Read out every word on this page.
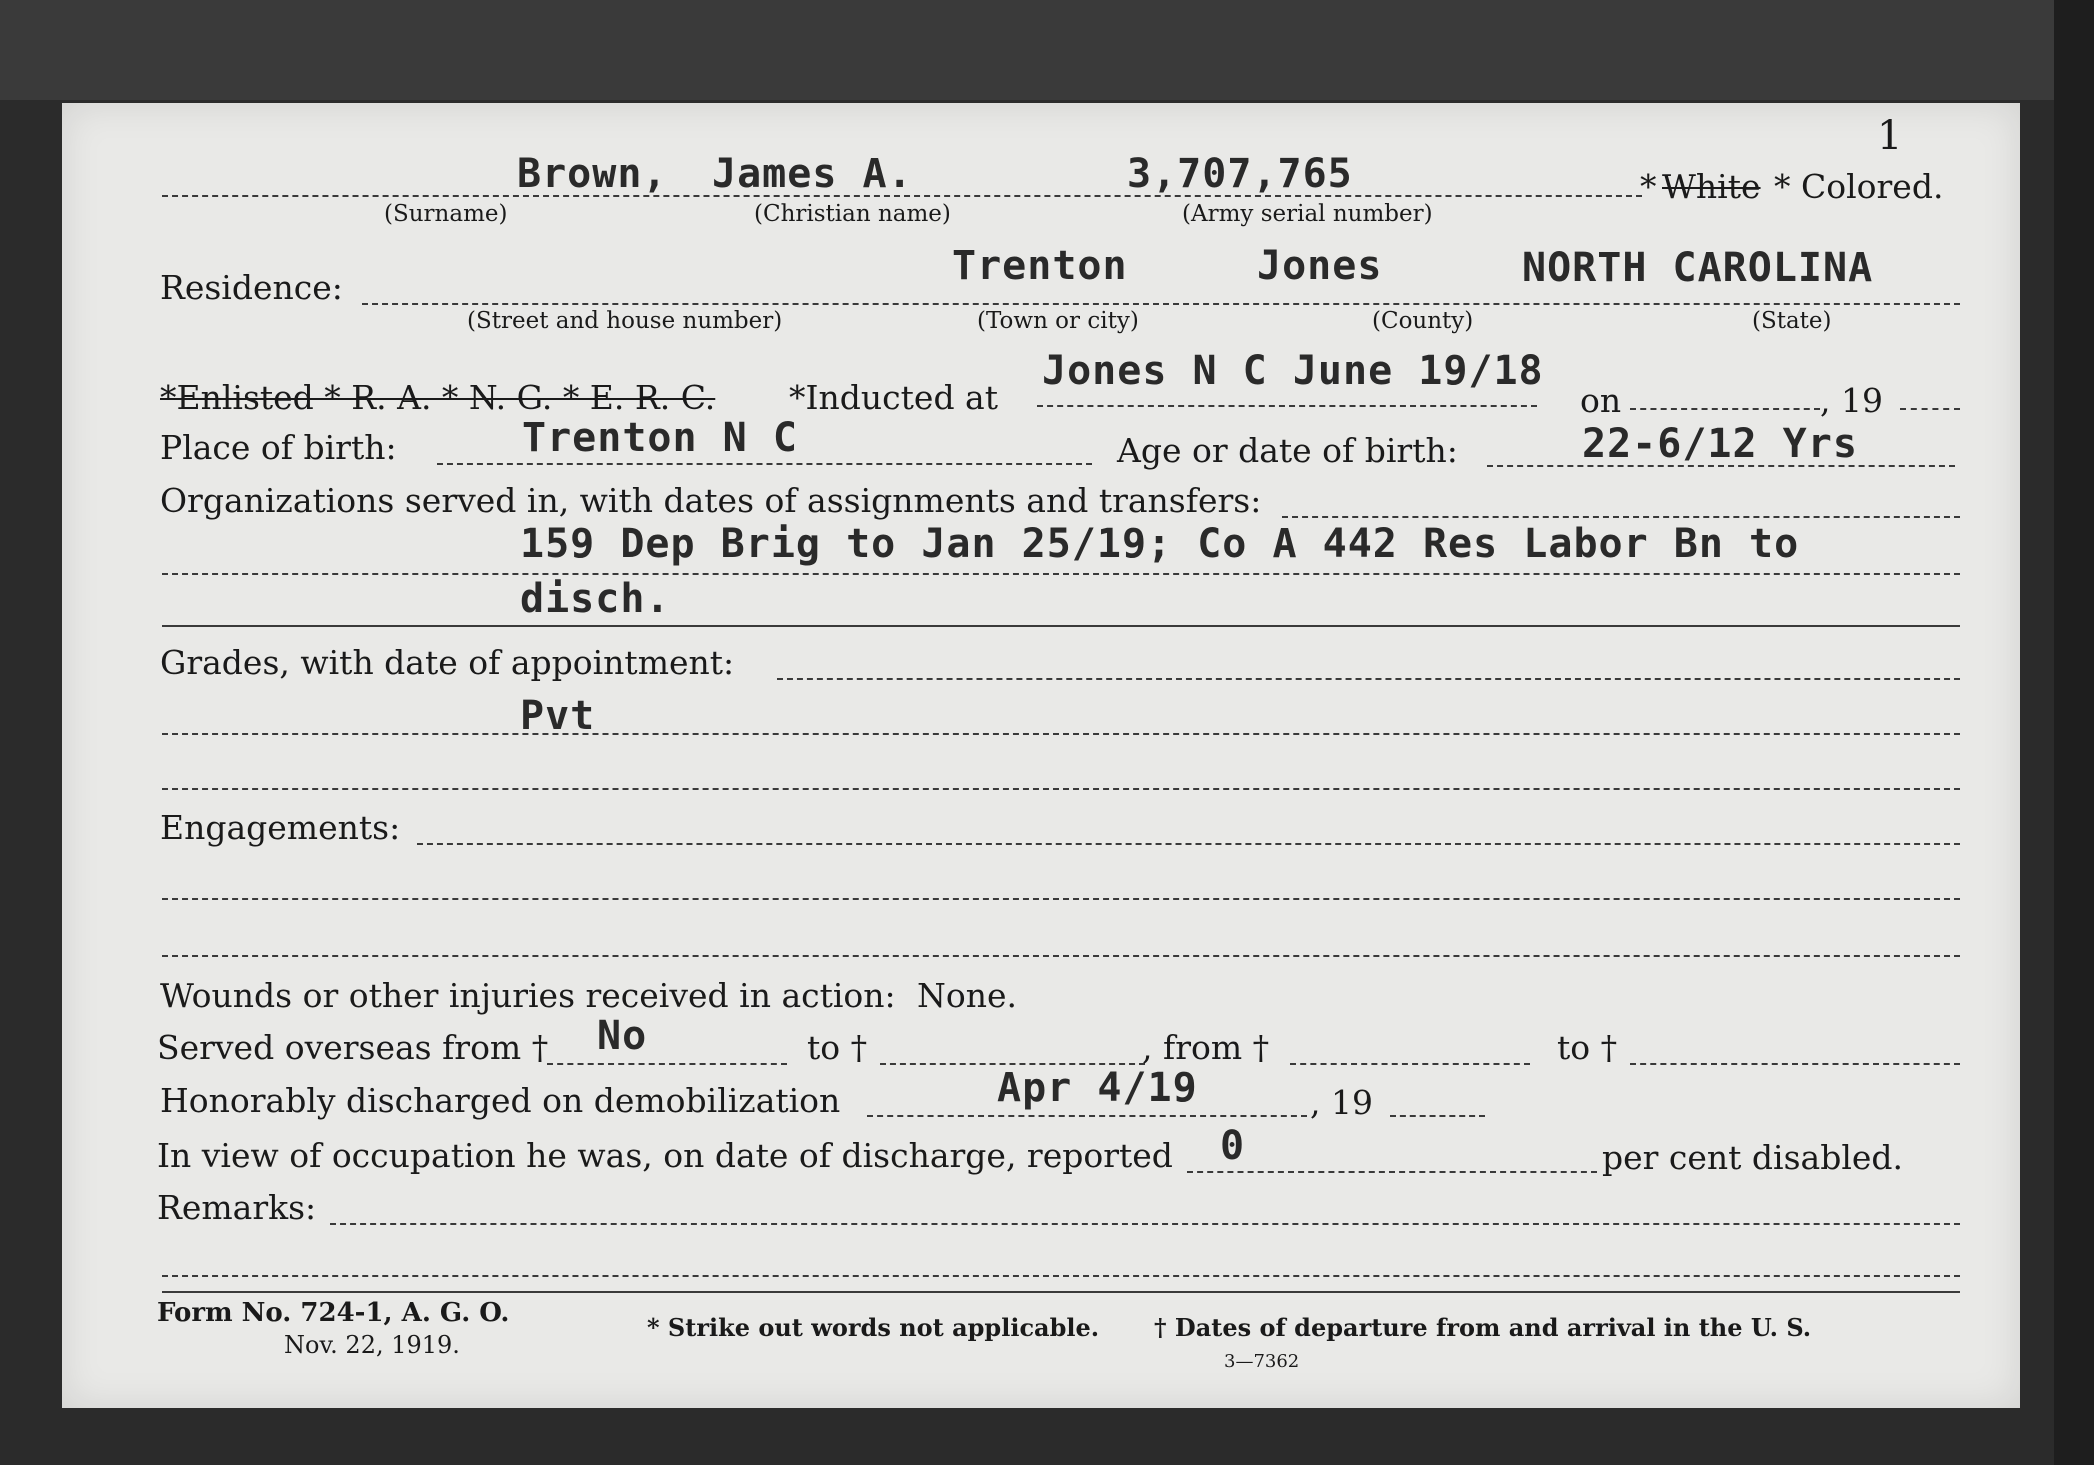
1
Brown, James A.	3,707,765	* White * Colored.
(Surname)	(Christian name)	(Army serial number)
Residence:	Trenton	Jones	NORTH CAROLINA
(Street and house number)	(Town or city)	(County)	(State)
*Enlisted * R. A. * N. G. * E. R. C. *Inducted at
Jones N C June 19/18
on	, 19
Place of birth:	Trenton N C	Age or date of birth:	22-6/12 Yrs
Organizations served in, with dates of assignments and transfers:
159 Dep Brig to Jan 25/19; Co A 442 Res Labor Bn to
disch.
Grades, with date of appointment:
Pvt
Engagements:
Wounds or other injuries received in action: None.
Served overseas from † No	to †	, from †	to †
Honorably discharged on demobilization	Apr 4/19	, 19
In view of occupation he was, on date of discharge, reported 0	per cent disabled.
Remarks:
Form No. 724-1, A. G. O.
Nov. 22, 1919.
* Strike out words not applicable. † Dates of departure from and arrival in the U. S.
3—7362
